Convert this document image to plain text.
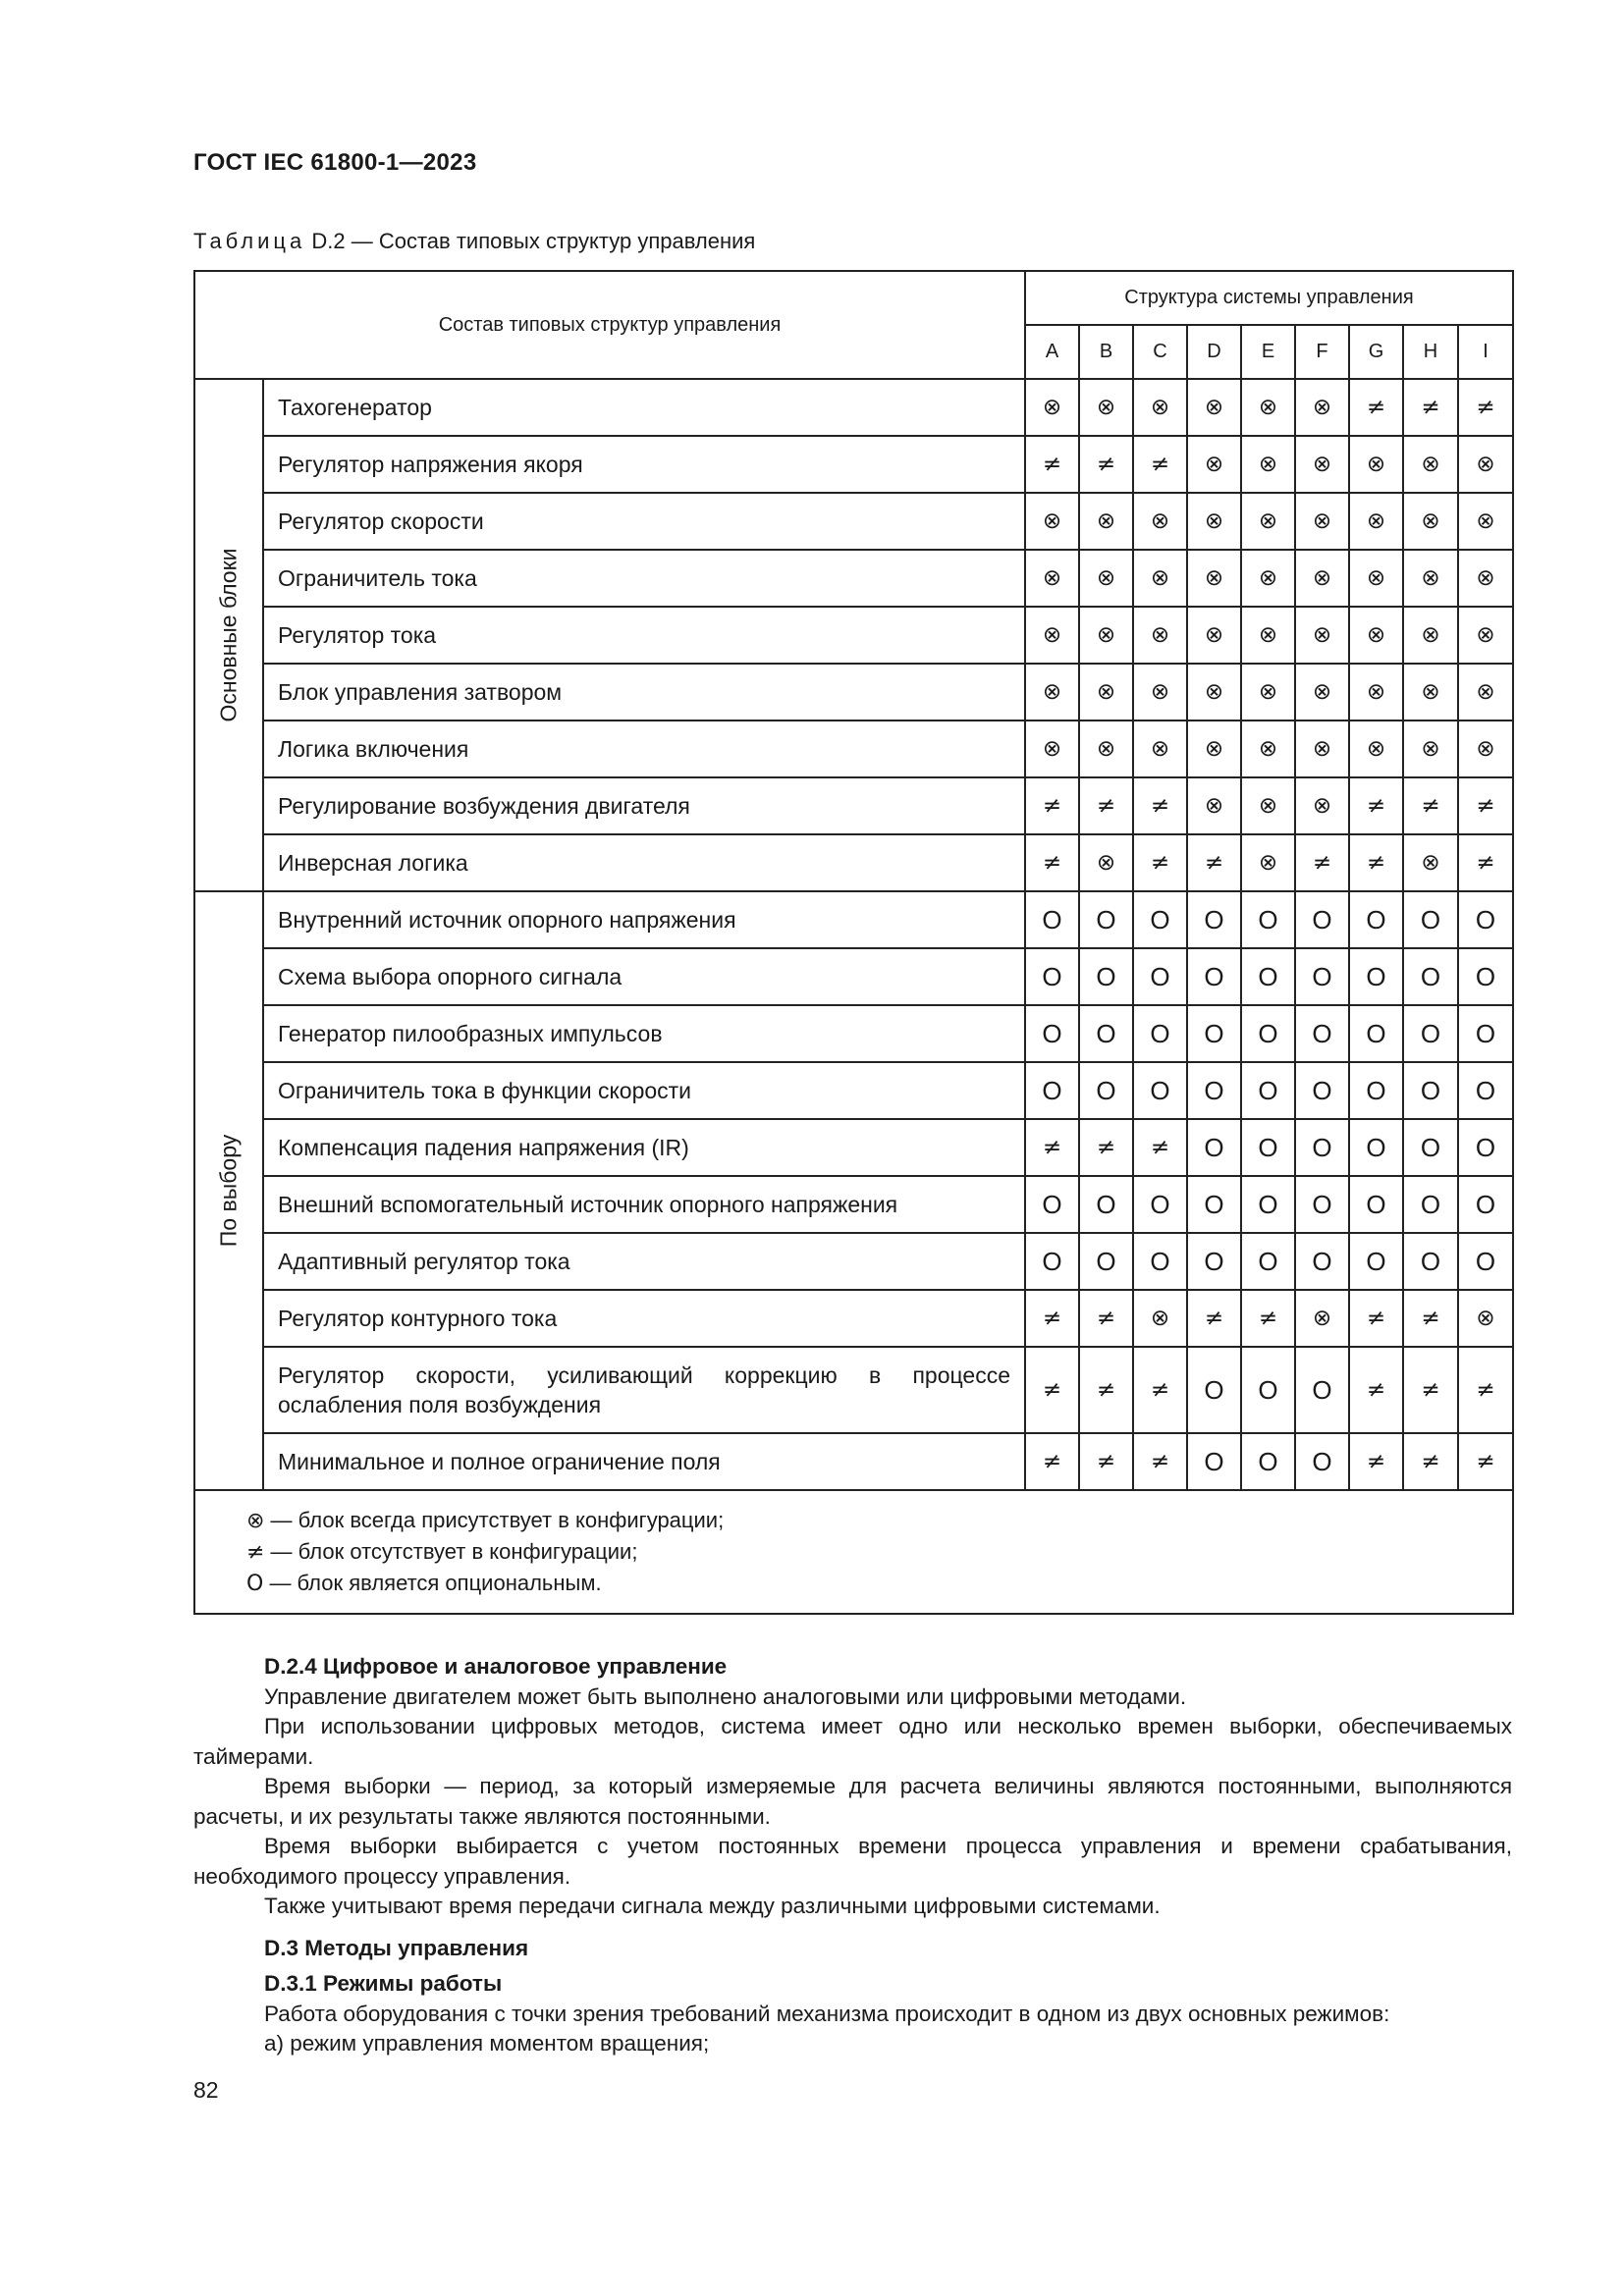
ГОСТ IEC 61800-1—2023
Таблица D.2 — Состав типовых структур управления
Состав типовых структур управления		Структура системы управления								
		A	B	C	D	E	F	G	H	I

Основные блоки	Тахогенератор	⊗	⊗	⊗	⊗	⊗	⊗	≠	≠	≠
	Регулятор напряжения якоря	≠	≠	≠	⊗	⊗	⊗	⊗	⊗	⊗
	Регулятор скорости	⊗	⊗	⊗	⊗	⊗	⊗	⊗	⊗	⊗
	Ограничитель тока	⊗	⊗	⊗	⊗	⊗	⊗	⊗	⊗	⊗
	Регулятор тока	⊗	⊗	⊗	⊗	⊗	⊗	⊗	⊗	⊗
	Блок управления затвором	⊗	⊗	⊗	⊗	⊗	⊗	⊗	⊗	⊗
	Логика включения	⊗	⊗	⊗	⊗	⊗	⊗	⊗	⊗	⊗
	Регулирование возбуждения двигателя	≠	≠	≠	⊗	⊗	⊗	≠	≠	≠
	Инверсная логика	≠	⊗	≠	≠	⊗	≠	≠	⊗	≠

По выбору	Внутренний источник опорного напряжения	O	O	O	O	O	O	O	O	O
	Схема выбора опорного сигнала	O	O	O	O	O	O	O	O	O
	Генератор пилообразных импульсов	O	O	O	O	O	O	O	O	O
	Ограничитель тока в функции скорости	O	O	O	O	O	O	O	O	O
	Компенсация падения напряжения (IR)	≠	≠	≠	O	O	O	O	O	O
	Внешний вспомогательный источник опорного напряжения	O	O	O	O	O	O	O	O	O
	Адаптивный регулятор тока	O	O	O	O	O	O	O	O	O
	Регулятор контурного тока	≠	≠	⊗	≠	≠	⊗	≠	≠	⊗
	Регулятор скорости, усиливающий коррекцию в процессе ослабления поля возбуждения	≠	≠	≠	O	O	O	≠	≠	≠
	Минимальное и полное ограничение поля	≠	≠	≠	O	O	O	≠	≠	≠

⊗ — блок всегда присутствует в конфигурации;
≠ — блок отсутствует в конфигурации;
O — блок является опциональным.										

D.2.4 Цифровое и аналоговое управление

Управление двигателем может быть выполнено аналоговыми или цифровыми методами.

При использовании цифровых методов, система имеет одно или несколько времен выборки, обеспечиваемых таймерами.

Время выборки — период, за который измеряемые для расчета величины являются постоянными, выполняются расчеты, и их результаты также являются постоянными.

Время выборки выбирается с учетом постоянных времени процесса управления и времени срабатывания, необходимого процессу управления.

Также учитывают время передачи сигнала между различными цифровыми системами.

D.3 Методы управления

D.3.1 Режимы работы

Работа оборудования с точки зрения требований механизма происходит в одном из двух основных режимов:

a) режим управления моментом вращения;

82
